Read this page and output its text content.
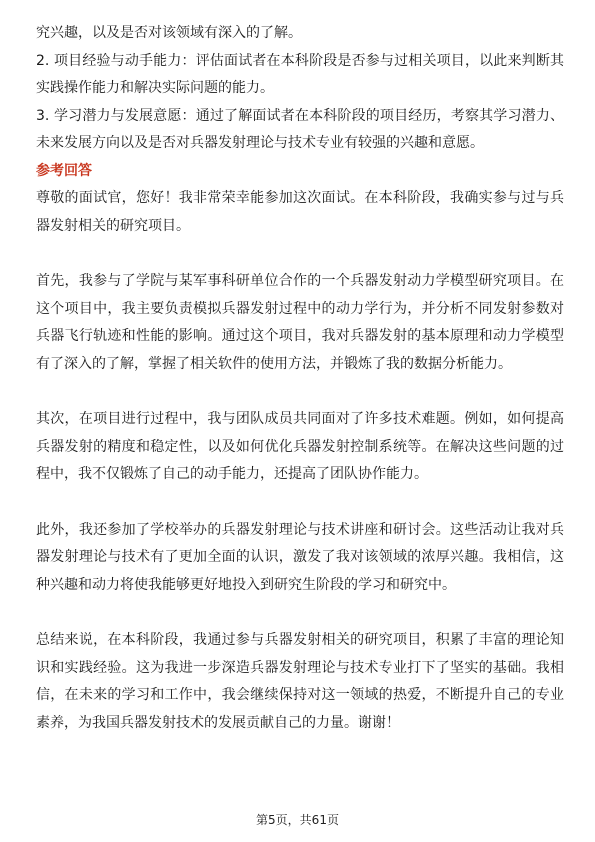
究兴趣，以及是否对该领域有深入的了解。

2. 项目经验与动手能力：评估面试者在本科阶段是否参与过相关项目，以此来判断其实践操作能力和解决实际问题的能力。

3. 学习潜力与发展意愿：通过了解面试者在本科阶段的项目经历，考察其学习潜力、未来发展方向以及是否对兵器发射理论与技术专业有较强的兴趣和意愿。

参考回答

尊敬的面试官，您好！我非常荣幸能参加这次面试。在本科阶段，我确实参与过与兵器发射相关的研究项目。

首先，我参与了学院与某军事科研单位合作的一个兵器发射动力学模型研究项目。在这个项目中，我主要负责模拟兵器发射过程中的动力学行为，并分析不同发射参数对兵器飞行轨迹和性能的影响。通过这个项目，我对兵器发射的基本原理和动力学模型有了深入的了解，掌握了相关软件的使用方法，并锻炼了我的数据分析能力。

其次，在项目进行过程中，我与团队成员共同面对了许多技术难题。例如，如何提高兵器发射的精度和稳定性，以及如何优化兵器发射控制系统等。在解决这些问题的过程中，我不仅锻炼了自己的动手能力，还提高了团队协作能力。

此外，我还参加了学校举办的兵器发射理论与技术讲座和研讨会。这些活动让我对兵器发射理论与技术有了更加全面的认识，激发了我对该领域的浓厚兴趣。我相信，这种兴趣和动力将使我能够更好地投入到研究生阶段的学习和研究中。

总结来说，在本科阶段，我通过参与兵器发射相关的研究项目，积累了丰富的理论知识和实践经验。这为我进一步深造兵器发射理论与技术专业打下了坚实的基础。我相信，在未来的学习和工作中，我会继续保持对这一领域的热爱，不断提升自己的专业素养，为我国兵器发射技术的发展贡献自己的力量。谢谢！

第5页，共61页
